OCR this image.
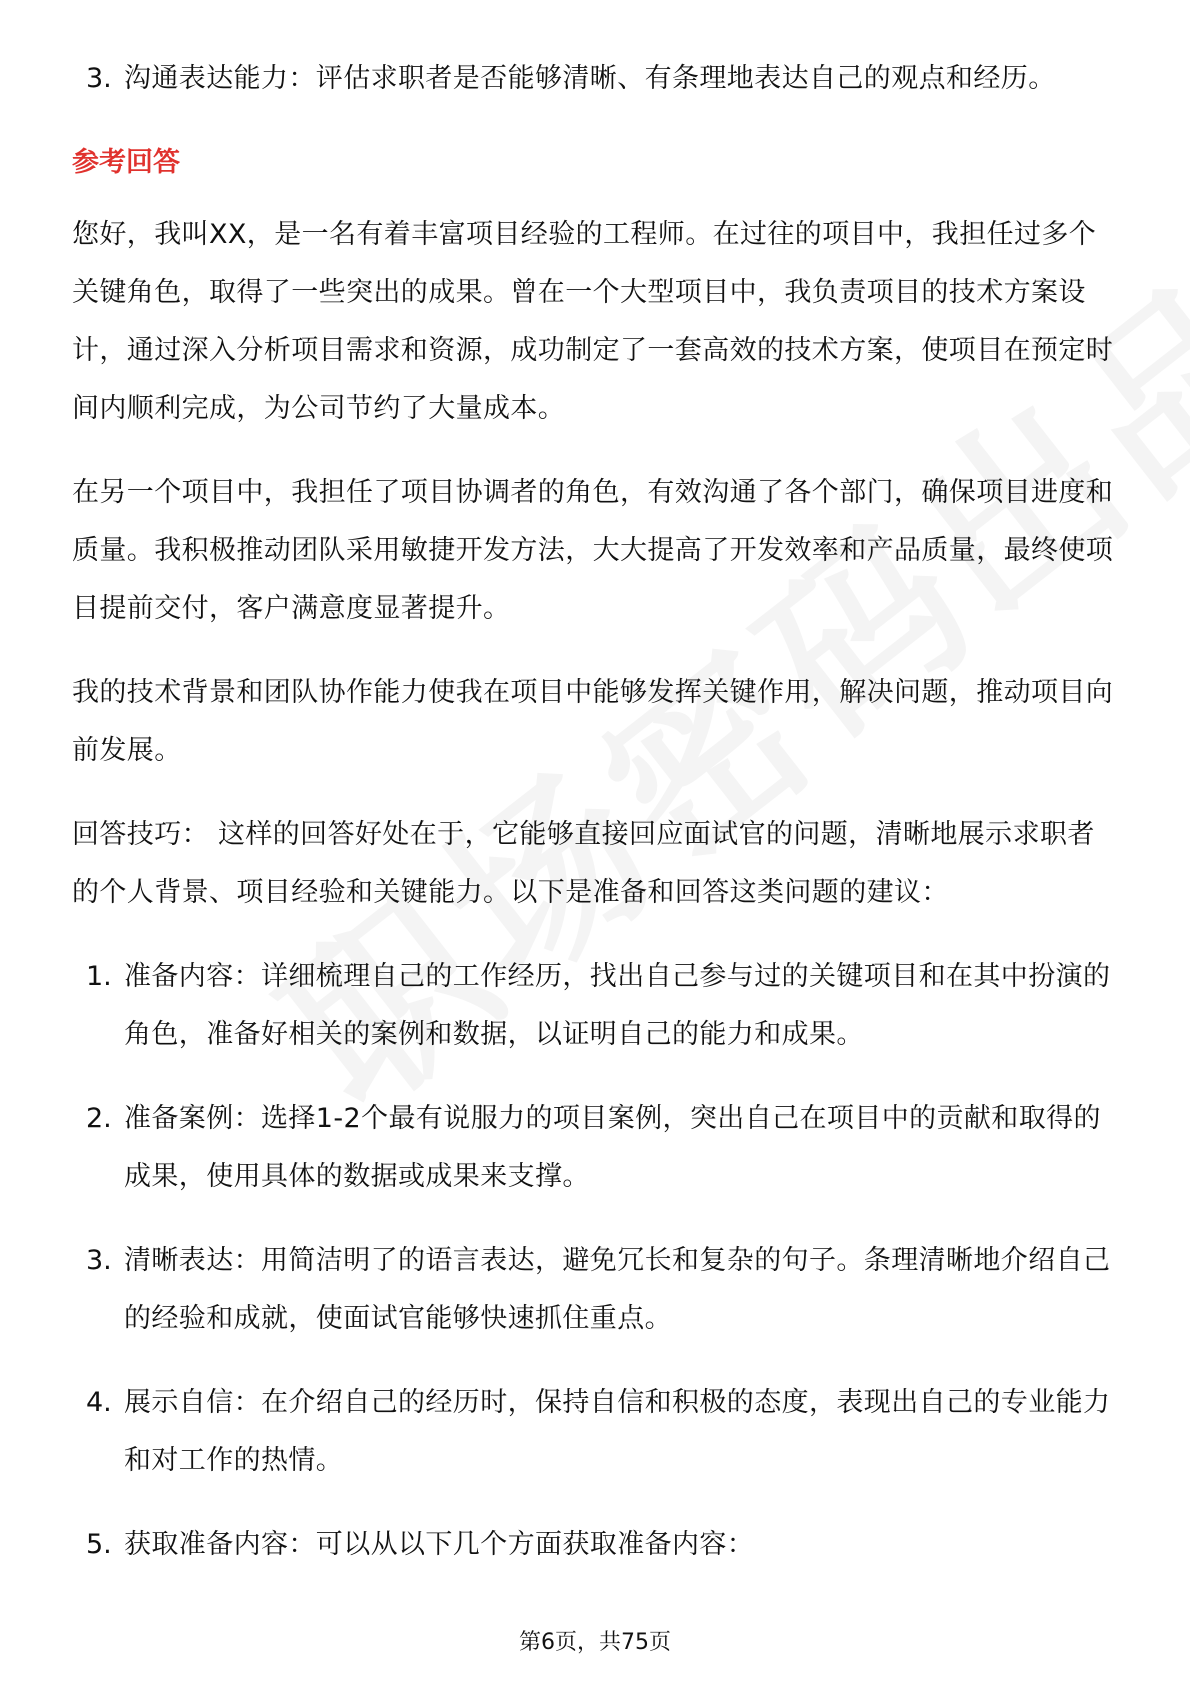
3. 沟通表达能力：评估求职者是否能够清晰、有条理地表达自己的观点和经历。
参考回答

您好，我叫XX，是一名有着丰富项目经验的工程师。在过往的项目中，我担任过多个关键角色，取得了一些突出的成果。曾在一个大型项目中，我负责项目的技术方案设计，通过深入分析项目需求和资源，成功制定了一套高效的技术方案，使项目在预定时间内顺利完成，为公司节约了大量成本。

在另一个项目中，我担任了项目协调者的角色，有效沟通了各个部门，确保项目进度和质量。我积极推动团队采用敏捷开发方法，大大提高了开发效率和产品质量，最终使项目提前交付，客户满意度显著提升。

我的技术背景和团队协作能力使我在项目中能够发挥关键作用，解决问题，推动项目向前发展。

回答技巧： 这样的回答好处在于，它能够直接回应面试官的问题，清晰地展示求职者的个人背景、项目经验和关键能力。以下是准备和回答这类问题的建议：

1. 准备内容：详细梳理自己的工作经历，找出自己参与过的关键项目和在其中扮演的角色，准备好相关的案例和数据，以证明自己的能力和成果。
2. 准备案例：选择1-2个最有说服力的项目案例，突出自己在项目中的贡献和取得的成果，使用具体的数据或成果来支撑。
3. 清晰表达：用简洁明了的语言表达，避免冗长和复杂的句子。条理清晰地介绍自己的经验和成就，使面试官能够快速抓住重点。
4. 展示自信：在介绍自己的经历时，保持自信和积极的态度，表现出自己的专业能力和对工作的热情。
5. 获取准备内容：可以从以下几个方面获取准备内容：
第6页，共75页
